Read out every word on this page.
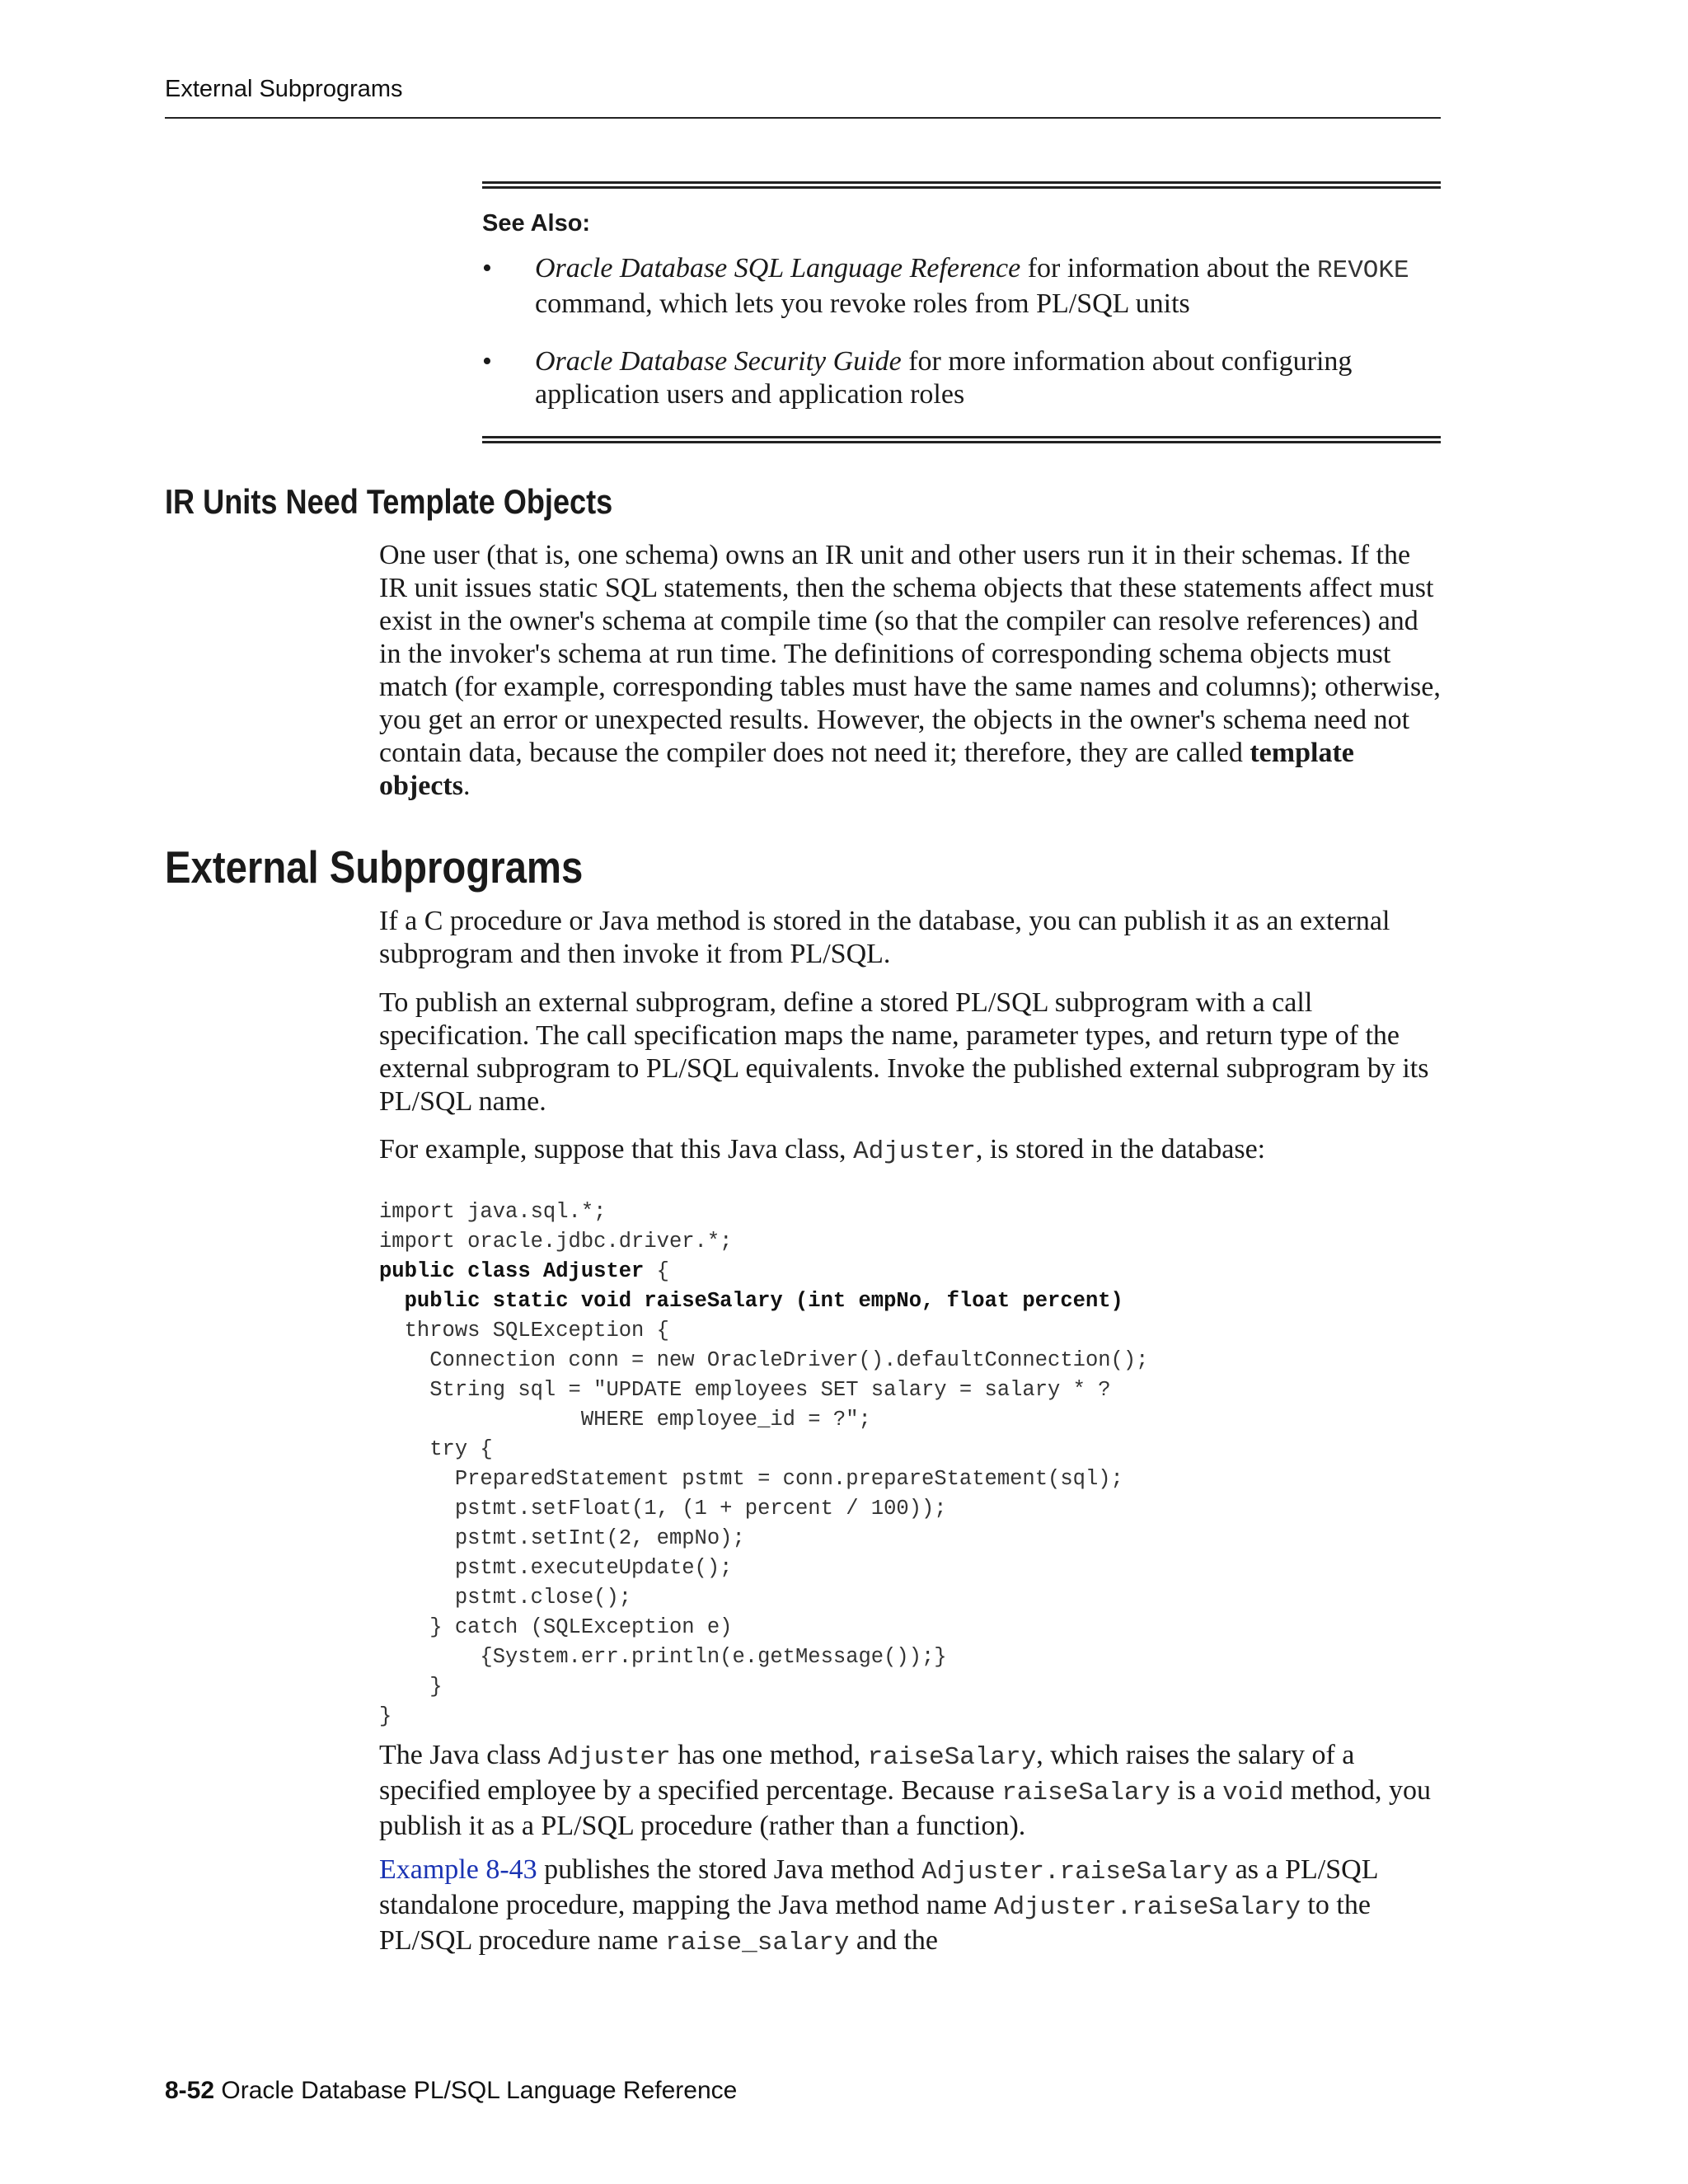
External Subprograms
See Also:
• Oracle Database SQL Language Reference for information about the REVOKE command, which lets you revoke roles from PL/SQL units
• Oracle Database Security Guide for more information about configuring application users and application roles
IR Units Need Template Objects

One user (that is, one schema) owns an IR unit and other users run it in their schemas. If the IR unit issues static SQL statements, then the schema objects that these statements affect must exist in the owner's schema at compile time (so that the compiler can resolve references) and in the invoker's schema at run time. The definitions of corresponding schema objects must match (for example, corresponding tables must have the same names and columns); otherwise, you get an error or unexpected results. However, the objects in the owner's schema need not contain data, because the compiler does not need it; therefore, they are called template objects.

External Subprograms

If a C procedure or Java method is stored in the database, you can publish it as an external subprogram and then invoke it from PL/SQL.

To publish an external subprogram, define a stored PL/SQL subprogram with a call specification. The call specification maps the name, parameter types, and return type of the external subprogram to PL/SQL equivalents. Invoke the published external subprogram by its PL/SQL name.

For example, suppose that this Java class, Adjuster, is stored in the database:

import java.sql.*;
import oracle.jdbc.driver.*;
public class Adjuster {
public static void raiseSalary (int empNo, float percent)
throws SQLException {
Connection conn = new OracleDriver().defaultConnection();
String sql = "UPDATE employees SET salary = salary * ?
WHERE employee_id = ?";
try {
PreparedStatement pstmt = conn.prepareStatement(sql);
pstmt.setFloat(1, (1 + percent / 100));
pstmt.setInt(2, empNo);
pstmt.executeUpdate();
pstmt.close();
} catch (SQLException e)
{System.err.println(e.getMessage());}
}
}

The Java class Adjuster has one method, raiseSalary, which raises the salary of a specified employee by a specified percentage. Because raiseSalary is a void method, you publish it as a PL/SQL procedure (rather than a function).

Example 8-43 publishes the stored Java method Adjuster.raiseSalary as a PL/SQL standalone procedure, mapping the Java method name Adjuster.raiseSalary to the PL/SQL procedure name raise_salary and the

8-52 Oracle Database PL/SQL Language Reference
